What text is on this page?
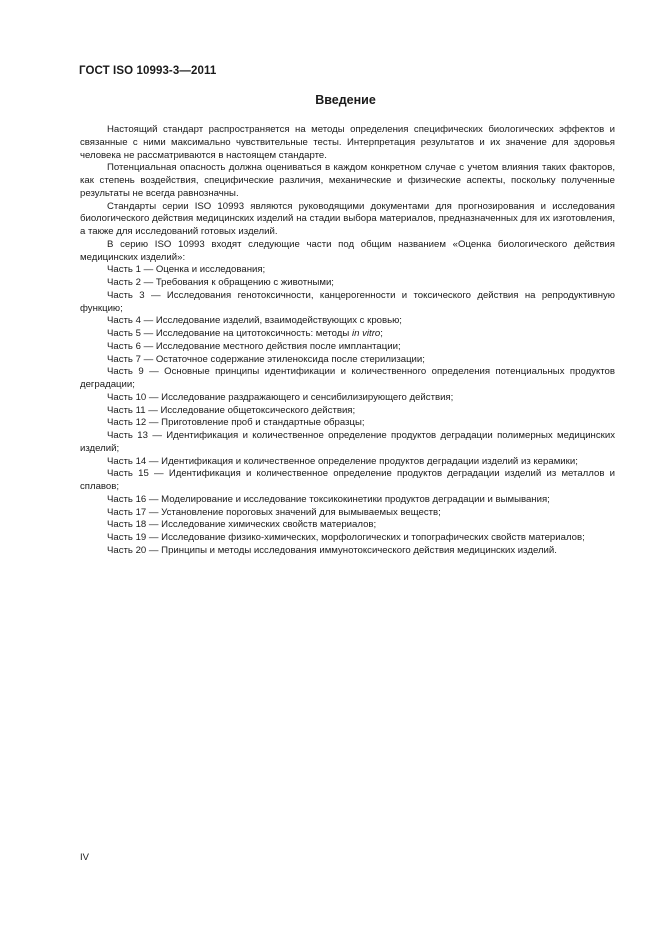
ГОСТ ISO 10993-3—2011
Введение

Настоящий стандарт распространяется на методы определения специфических биологических эффектов и связанные с ними максимально чувствительные тесты. Интерпретация результатов и их значение для здоровья человека не рассматриваются в настоящем стандарте.

Потенциальная опасность должна оцениваться в каждом конкретном случае с учетом влияния таких факторов, как степень воздействия, специфические различия, механические и физические аспекты, поскольку полученные результаты не всегда равнозначны.

Стандарты серии ISO 10993 являются руководящими документами для прогнозирования и исследования биологического действия медицинских изделий на стадии выбора материалов, предназначенных для их изготовления, а также для исследований готовых изделий.

В серию ISO 10993 входят следующие части под общим названием «Оценка биологического действия медицинских изделий»:

Часть 1 — Оценка и исследования;

Часть 2 — Требования к обращению с животными;

Часть 3 — Исследования генотоксичности, канцерогенности и токсического действия на репродуктивную функцию;

Часть 4 — Исследование изделий, взаимодействующих с кровью;

Часть 5 — Исследование на цитотоксичность: методы in vitro;

Часть 6 — Исследование местного действия после имплантации;

Часть 7 — Остаточное содержание этиленоксида после стерилизации;

Часть 9 — Основные принципы идентификации и количественного определения потенциальных продуктов деградации;

Часть 10 — Исследование раздражающего и сенсибилизирующего действия;

Часть 11 — Исследование общетоксического действия;

Часть 12 — Приготовление проб и стандартные образцы;

Часть 13 — Идентификация и количественное определение продуктов деградации полимерных медицинских изделий;

Часть 14 — Идентификация и количественное определение продуктов деградации изделий из керамики;

Часть 15 — Идентификация и количественное определение продуктов деградации изделий из металлов и сплавов;

Часть 16 — Моделирование и исследование токсикокинетики продуктов деградации и вымывания;

Часть 17 — Установление пороговых значений для вымываемых веществ;

Часть 18 — Исследование химических свойств материалов;

Часть 19 — Исследование физико-химических, морфологических и топографических свойств материалов;

Часть 20 — Принципы и методы исследования иммунотоксического действия медицинских изделий.

IV
